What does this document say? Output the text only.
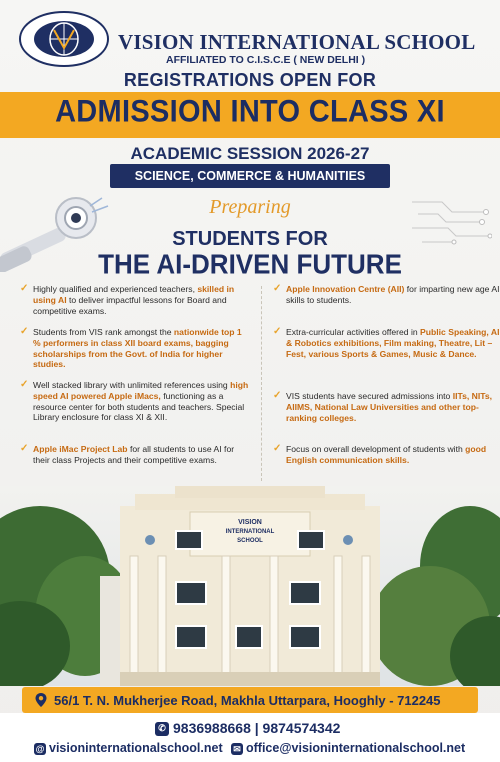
VISION INTERNATIONAL SCHOOL
AFFILIATED TO C.I.S.C.E ( NEW DELHI )
REGISTRATIONS OPEN FOR
ADMISSION INTO CLASS XI
ACADEMIC SESSION 2026-27
SCIENCE, COMMERCE & HUMANITIES
Preparing
STUDENTS FOR
THE AI-DRIVEN FUTURE
✓ Highly qualified and experienced teachers, skilled in using AI to deliver impactful lessons for Board and competitive exams.
✓ Students from VIS rank amongst the nationwide top 1 % performers in class XII board exams, bagging scholarships from the Govt. of India for higher studies.
✓ Well stacked library with unlimited references using high speed AI powered Apple iMacs, functioning as a resource center for both students and teachers. Special Library enclosure for class XI & XII.
✓ Apple iMac Project Lab for all students to use AI for their class Projects and their competitive exams.
✓ Apple Innovation Centre (AII) for imparting new age AI skills to students.
✓ Extra-curricular activities offered in Public Speaking, AI & Robotics exhibitions, Film making, Theatre, Lit – Fest, various Sports & Games, Music & Dance.
✓ VIS students have secured admissions into IITs, NITs, AIIMS, National Law Universities and other top-ranking colleges.
✓ Focus on overall development of students with good English communication skills.
VISION
INTERNATIONAL
SCHOOL
56/1 T. N. Mukherjee Road, Makhla Uttarpara, Hooghly - 712245
✆ 9836988668 | 9874574342
@ visioninternationalschool.net ✉ office@visioninternationalschool.net
